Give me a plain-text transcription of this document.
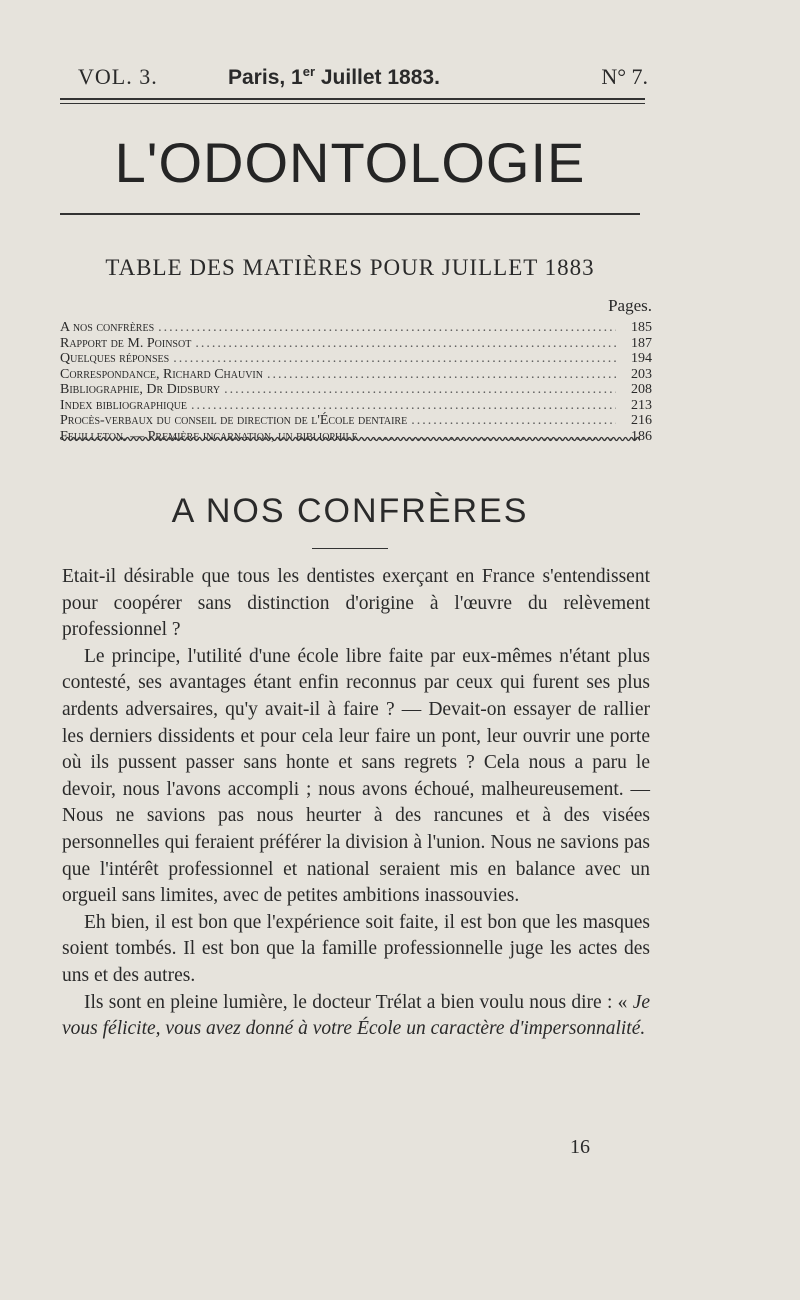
VOL. 3.	Paris, 1er Juillet 1883.	N° 7.
L'ODONTOLOGIE
TABLE DES MATIÈRES POUR JUILLET 1883
Pages.
A nos confrères .....	185
Rapport de M. Poinsot .....	187
Quelques réponses .....	194
Correspondance, Richard Chauvin .....	203
Bibliographie, Dr Didsbury .....	208
Index bibliographique .....	213
Procès-verbaux du conseil de direction de l'École dentaire .....	216
Feuilleton. — Première incarnation, un bibliophile .....	186
A NOS CONFRÈRES

Etait-il désirable que tous les dentistes exerçant en France s'entendissent pour coopérer sans distinction d'origine à l'œuvre du relèvement professionnel ?

Le principe, l'utilité d'une école libre faite par eux-mêmes n'étant plus contesté, ses avantages étant enfin reconnus par ceux qui furent ses plus ardents adversaires, qu'y avait-il à faire ? — Devait-on essayer de rallier les derniers dissidents et pour cela leur faire un pont, leur ouvrir une porte où ils pussent passer sans honte et sans regrets ? Cela nous a paru le devoir, nous l'avons accompli ; nous avons échoué, malheureusement. — Nous ne savions pas nous heurter à des rancunes et à des visées personnelles qui feraient préférer la division à l'union. Nous ne savions pas que l'intérêt professionnel et national seraient mis en balance avec un orgueil sans limites, avec de petites ambitions inassouvies.

Eh bien, il est bon que l'expérience soit faite, il est bon que les masques soient tombés. Il est bon que la famille professionnelle juge les actes des uns et des autres.

Ils sont en pleine lumière, le docteur Trélat a bien voulu nous dire : « Je vous félicite, vous avez donné à votre École un caractère d'impersonnalité.

16
